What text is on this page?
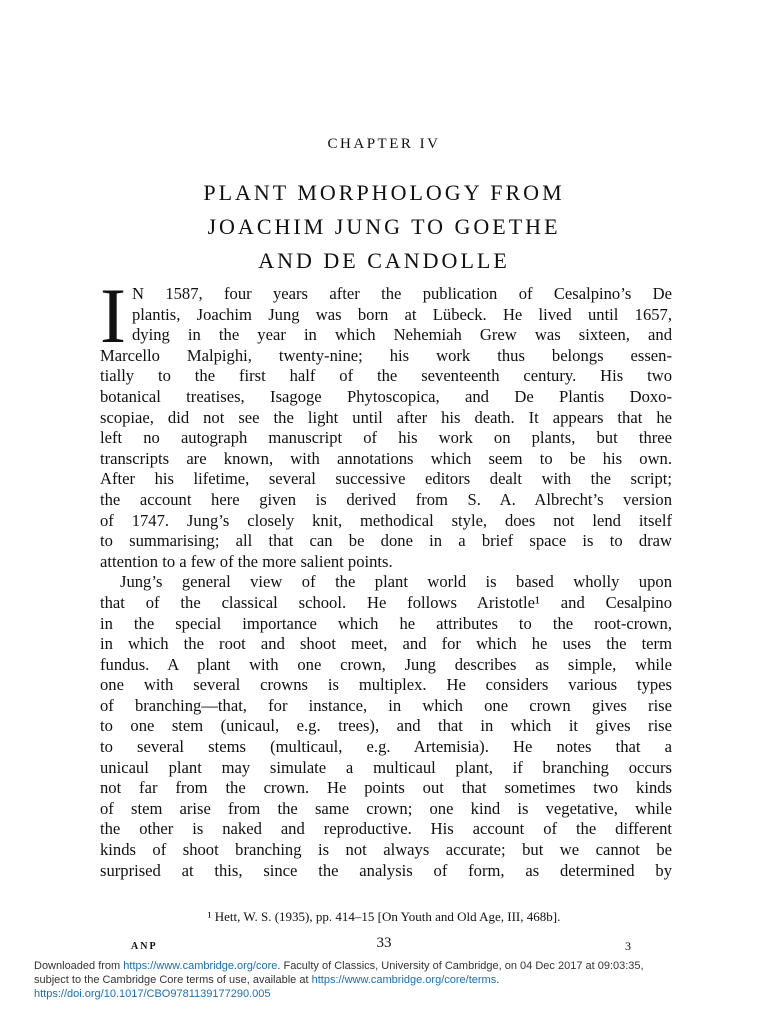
CHAPTER IV
PLANT MORPHOLOGY FROM
JOACHIM JUNG TO GOETHE
AND DE CANDOLLE
I N 1587, four years after the publication of Cesalpino’s De
plantis, Joachim Jung was born at Lübeck. He lived until 1657,
dying in the year in which Nehemiah Grew was sixteen, and
Marcello Malpighi, twenty-nine; his work thus belongs essen-
tially to the first half of the seventeenth century. His two
botanical treatises, Isagoge Phytoscopica, and De Plantis Doxo-
scopiae, did not see the light until after his death. It appears that he
left no autograph manuscript of his work on plants, but three
transcripts are known, with annotations which seem to be his own.
After his lifetime, several successive editors dealt with the script;
the account here given is derived from S. A. Albrecht’s version
of 1747. Jung’s closely knit, methodical style, does not lend itself
to summarising; all that can be done in a brief space is to draw
attention to a few of the more salient points.
Jung’s general view of the plant world is based wholly upon
that of the classical school. He follows Aristotle¹ and Cesalpino
in the special importance which he attributes to the root-crown,
in which the root and shoot meet, and for which he uses the term
fundus. A plant with one crown, Jung describes as simple, while
one with several crowns is multiplex. He considers various types
of branching—that, for instance, in which one crown gives rise
to one stem (unicaul, e.g. trees), and that in which it gives rise
to several stems (multicaul, e.g. Artemisia). He notes that a
unicaul plant may simulate a multicaul plant, if branching occurs
not far from the crown. He points out that sometimes two kinds
of stem arise from the same crown; one kind is vegetative, while
the other is naked and reproductive. His account of the different
kinds of shoot branching is not always accurate; but we cannot be
surprised at this, since the analysis of form, as determined by
¹ Hett, W. S. (1935), pp. 414–15 [On Youth and Old Age, III, 468b].
ANP	33	3
Downloaded from https://www.cambridge.org/core. Faculty of Classics, University of Cambridge, on 04 Dec 2017 at 09:03:35,
subject to the Cambridge Core terms of use, available at https://www.cambridge.org/core/terms.
https://doi.org/10.1017/CBO9781139177290.005
